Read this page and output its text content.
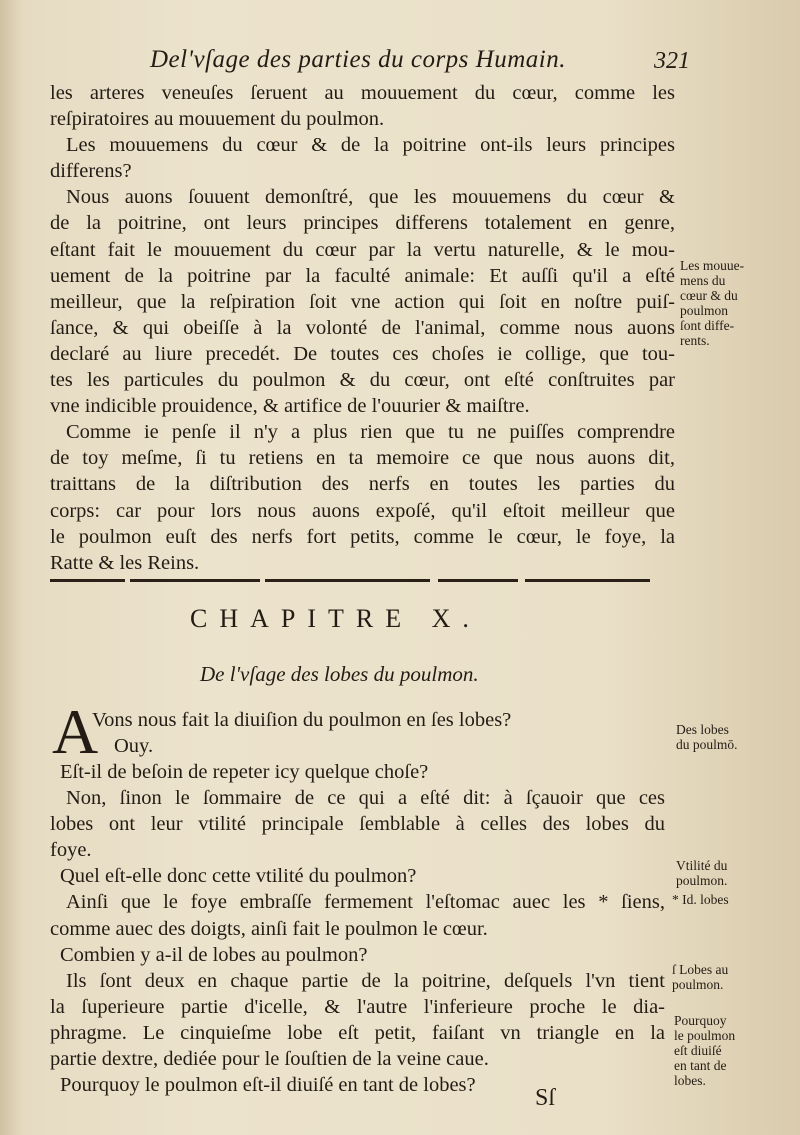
Del'vſage des parties du corps Humain.	321
les arteres veneuſes ſeruent au mouuement du cœur, comme les
reſpiratoires au mouuement du poulmon.
Les mouuemens du cœur & de la poitrine ont-ils leurs principes
differens?
Nous auons ſouuent demonſtré, que les mouuemens du cœur &
de la poitrine, ont leurs principes differens totalement en genre,
eſtant fait le mouuement du cœur par la vertu naturelle, & le mou-
uement de la poitrine par la faculté animale: Et auſſi qu'il a eſté
meilleur, que la reſpiration ſoit vne action qui ſoit en noſtre puiſ-
ſance, & qui obeiſſe à la volonté de l'animal, comme nous auons
declaré au liure precedét. De toutes ces choſes ie collige, que tou-
tes les particules du poulmon & du cœur, ont eſté conſtruites par
vne indicible prouidence, & artifice de l'ouurier & maiſtre.
Comme ie penſe il n'y a plus rien que tu ne puiſſes comprendre
de toy meſme, ſi tu retiens en ta memoire ce que nous auons dit,
traittans de la diſtribution des nerfs en toutes les parties du
corps: car pour lors nous auons expoſé, qu'il eſtoit meilleur que
le poulmon euſt des nerfs fort petits, comme le cœur, le foye, la
Ratte & les Reins.
Les mouue-
mens du
cœur & du
poulmon
ſont diffe-
rents.
CHAPITRE X.
De l'vſage des lobes du poulmon.
A
Vons nous fait la diuiſion du poulmon en ſes lobes?
Ouy.
Des lobes
du poulmō.
Eſt-il de beſoin de repeter icy quelque choſe?
Non, ſinon le ſommaire de ce qui a eſté dit: à ſçauoir que ces
lobes ont leur vtilité principale ſemblable à celles des lobes du
foye.
Quel eſt-elle donc cette vtilité du poulmon?
Ainſi que le foye embraſſe fermement l'eſtomac auec les * ſiens,
comme auec des doigts, ainſi fait le poulmon le cœur.
Combien y a-il de lobes au poulmon?
Ils ſont deux en chaque partie de la poitrine, deſquels l'vn tient
la ſuperieure partie d'icelle, & l'autre l'inferieure proche le dia-
phragme. Le cinquieſme lobe eſt petit, faiſant vn triangle en la
partie dextre, dediée pour le ſouſtien de la veine caue.
Pourquoy le poulmon eſt-il diuiſé en tant de lobes?
Vtilité du
poulmon.
* Id. lobes
ſ Lobes au
poulmon.
Pourquoy
le poulmon
eſt diuiſé
en tant de
lobes.
Sſ
